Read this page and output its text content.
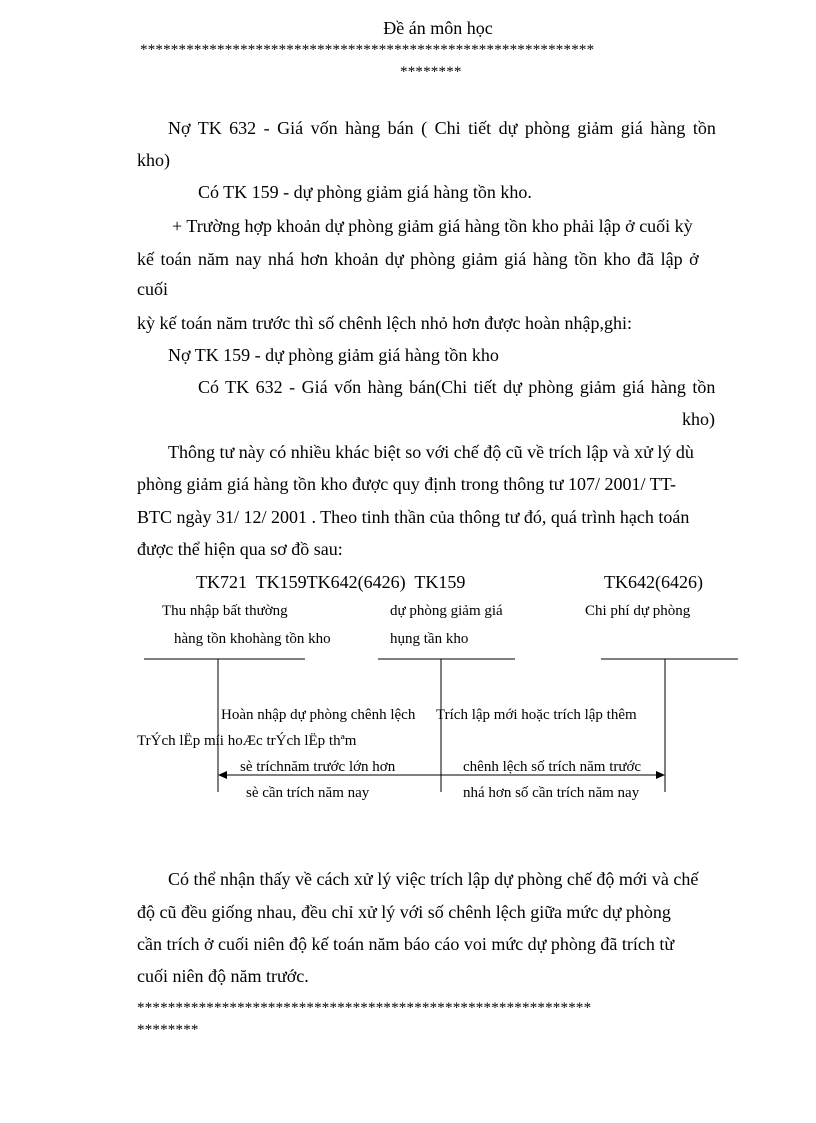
Đề án môn học
***********************************************************
********
Nợ TK 632 - Giá vốn hàng bán ( Chi tiết dự phòng giảm giá hàng tồn
kho)
Có TK 159 - dự phòng giảm giá hàng tồn kho.
+ Trường hợp khoản dự phòng giảm giá hàng tồn kho phải lập ở cuối kỳ
kế toán năm nay nhá hơn khoản dự phòng giảm giá hàng tồn kho đã lập ở
cuối
kỳ kế toán năm trước thì số chênh lệch nhỏ hơn được hoàn nhập,ghi:
Nợ TK 159 - dự phòng giảm giá hàng tồn kho
Có TK 632 - Giá vốn hàng bán(Chi tiết dự phòng giảm giá hàng tồn
kho)
Thông tư này có nhiều khác biệt so với chế độ cũ về trích lập và xử lý dù
phòng giảm giá hàng tồn kho được quy định trong thông tư 107/ 2001/ TT-
BTC ngày 31/ 12/ 2001 . Theo tinh thần của thông tư đó, quá trình hạch toán
được thể hiện qua sơ đồ sau:
TK721  TK159TK642(6426)  TK159	TK642(6426)
Thu nhập bất thường
hàng tồn khohàng tồn kho
dự phòng giảm giá
hụng tần kho
Chi phí dự phòng
Hoàn nhập dự phòng chênh lệch
TrÝch lËp míi hoÆc trÝch lËp thªm
sè tríchnăm trước lớn hơn
sè cần trích năm nay
Trích lập mới hoặc trích lập thêm
chênh lệch số trích năm trước
nhá hơn số cần trích năm nay
Có thể nhận thấy về cách xử lý việc trích lập dự phòng chế độ mới và chế
độ cũ đều giống nhau, đều chỉ xử lý với số chênh lệch giữa mức dự phòng
cần trích ở cuối niên độ kế toán năm báo cáo voi mức dự phòng đã trích từ
cuối niên độ năm trước.
***********************************************************
********
